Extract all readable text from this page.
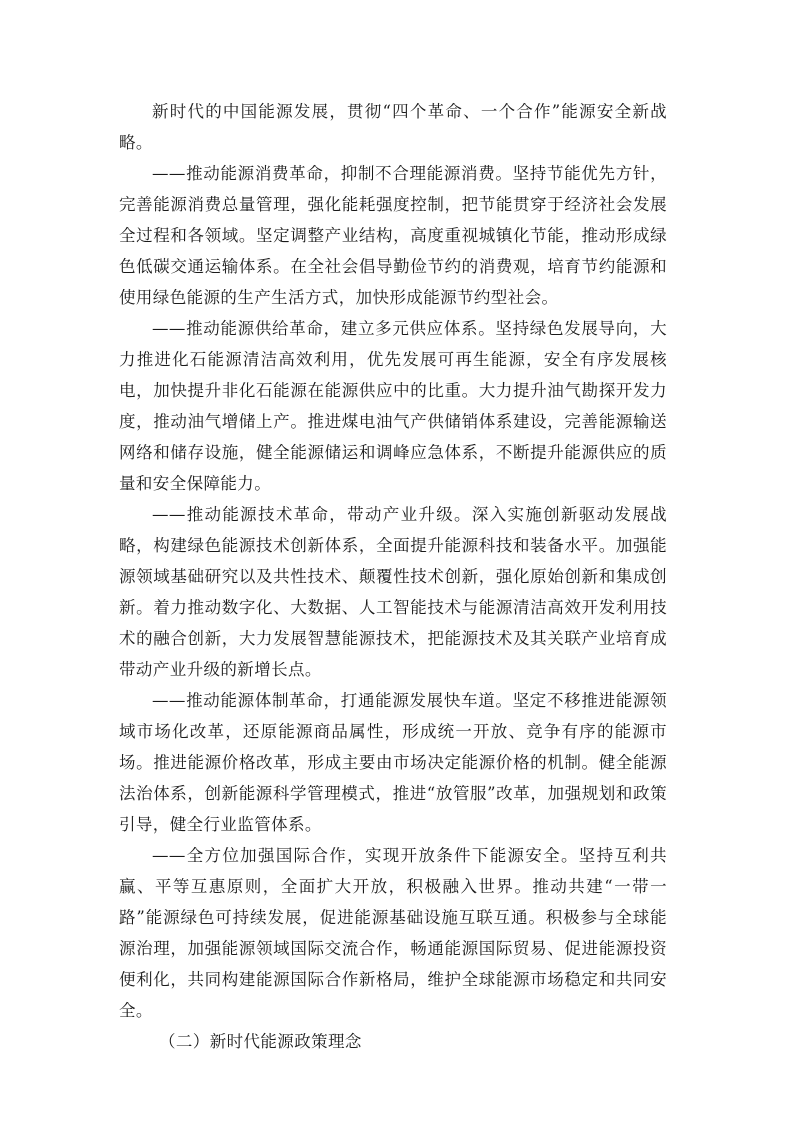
新时代的中国能源发展，贯彻“四个革命、一个合作”能源安全新战略。

——推动能源消费革命，抑制不合理能源消费。坚持节能优先方针，完善能源消费总量管理，强化能耗强度控制，把节能贯穿于经济社会发展全过程和各领域。坚定调整产业结构，高度重视城镇化节能，推动形成绿色低碳交通运输体系。在全社会倡导勤俭节约的消费观，培育节约能源和使用绿色能源的生产生活方式，加快形成能源节约型社会。

——推动能源供给革命，建立多元供应体系。坚持绿色发展导向，大力推进化石能源清洁高效利用，优先发展可再生能源，安全有序发展核电，加快提升非化石能源在能源供应中的比重。大力提升油气勘探开发力度，推动油气增储上产。推进煤电油气产供储销体系建设，完善能源输送网络和储存设施，健全能源储运和调峰应急体系，不断提升能源供应的质量和安全保障能力。

——推动能源技术革命，带动产业升级。深入实施创新驱动发展战略，构建绿色能源技术创新体系，全面提升能源科技和装备水平。加强能源领域基础研究以及共性技术、颠覆性技术创新，强化原始创新和集成创新。着力推动数字化、大数据、人工智能技术与能源清洁高效开发利用技术的融合创新，大力发展智慧能源技术，把能源技术及其关联产业培育成带动产业升级的新增长点。

——推动能源体制革命，打通能源发展快车道。坚定不移推进能源领域市场化改革，还原能源商品属性，形成统一开放、竞争有序的能源市场。推进能源价格改革，形成主要由市场决定能源价格的机制。健全能源法治体系，创新能源科学管理模式，推进“放管服”改革，加强规划和政策引导，健全行业监管体系。

——全方位加强国际合作，实现开放条件下能源安全。坚持互利共赢、平等互惠原则，全面扩大开放，积极融入世界。推动共建“一带一路”能源绿色可持续发展，促进能源基础设施互联互通。积极参与全球能源治理，加强能源领域国际交流合作，畅通能源国际贸易、促进能源投资便利化，共同构建能源国际合作新格局，维护全球能源市场稳定和共同安全。

（二）新时代能源政策理念
